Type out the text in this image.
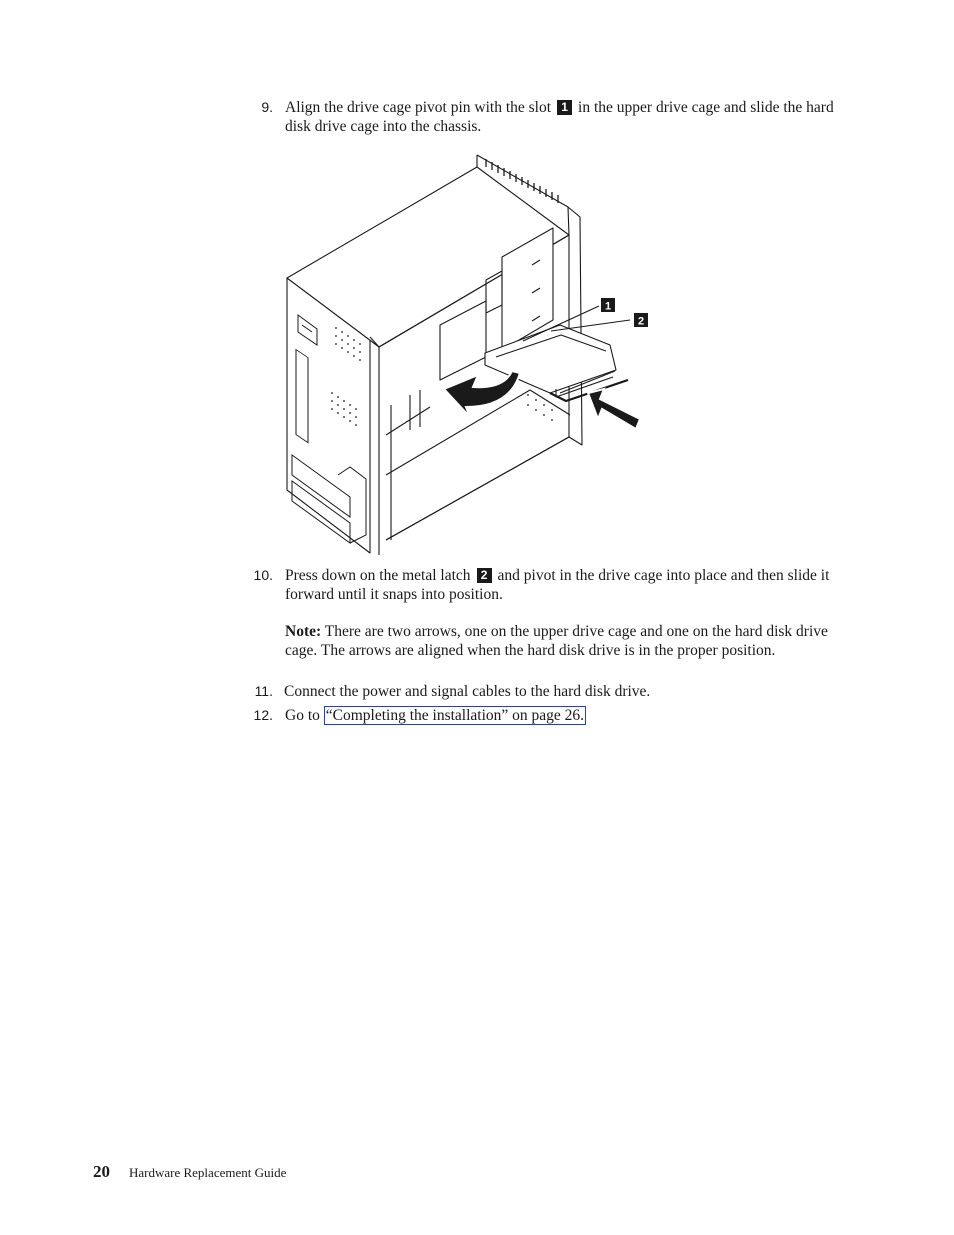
9. Align the drive cage pivot pin with the slot 1 in the upper drive cage and slide the hard disk drive cage into the chassis.
1
2
10. Press down on the metal latch 2 and pivot in the drive cage into place and then slide it forward until it snaps into position.
Note: There are two arrows, one on the upper drive cage and one on the hard disk drive cage. The arrows are aligned when the hard disk drive is in the proper position.
11. Connect the power and signal cables to the hard disk drive.
12. Go to “Completing the installation” on page 26.
20 Hardware Replacement Guide
